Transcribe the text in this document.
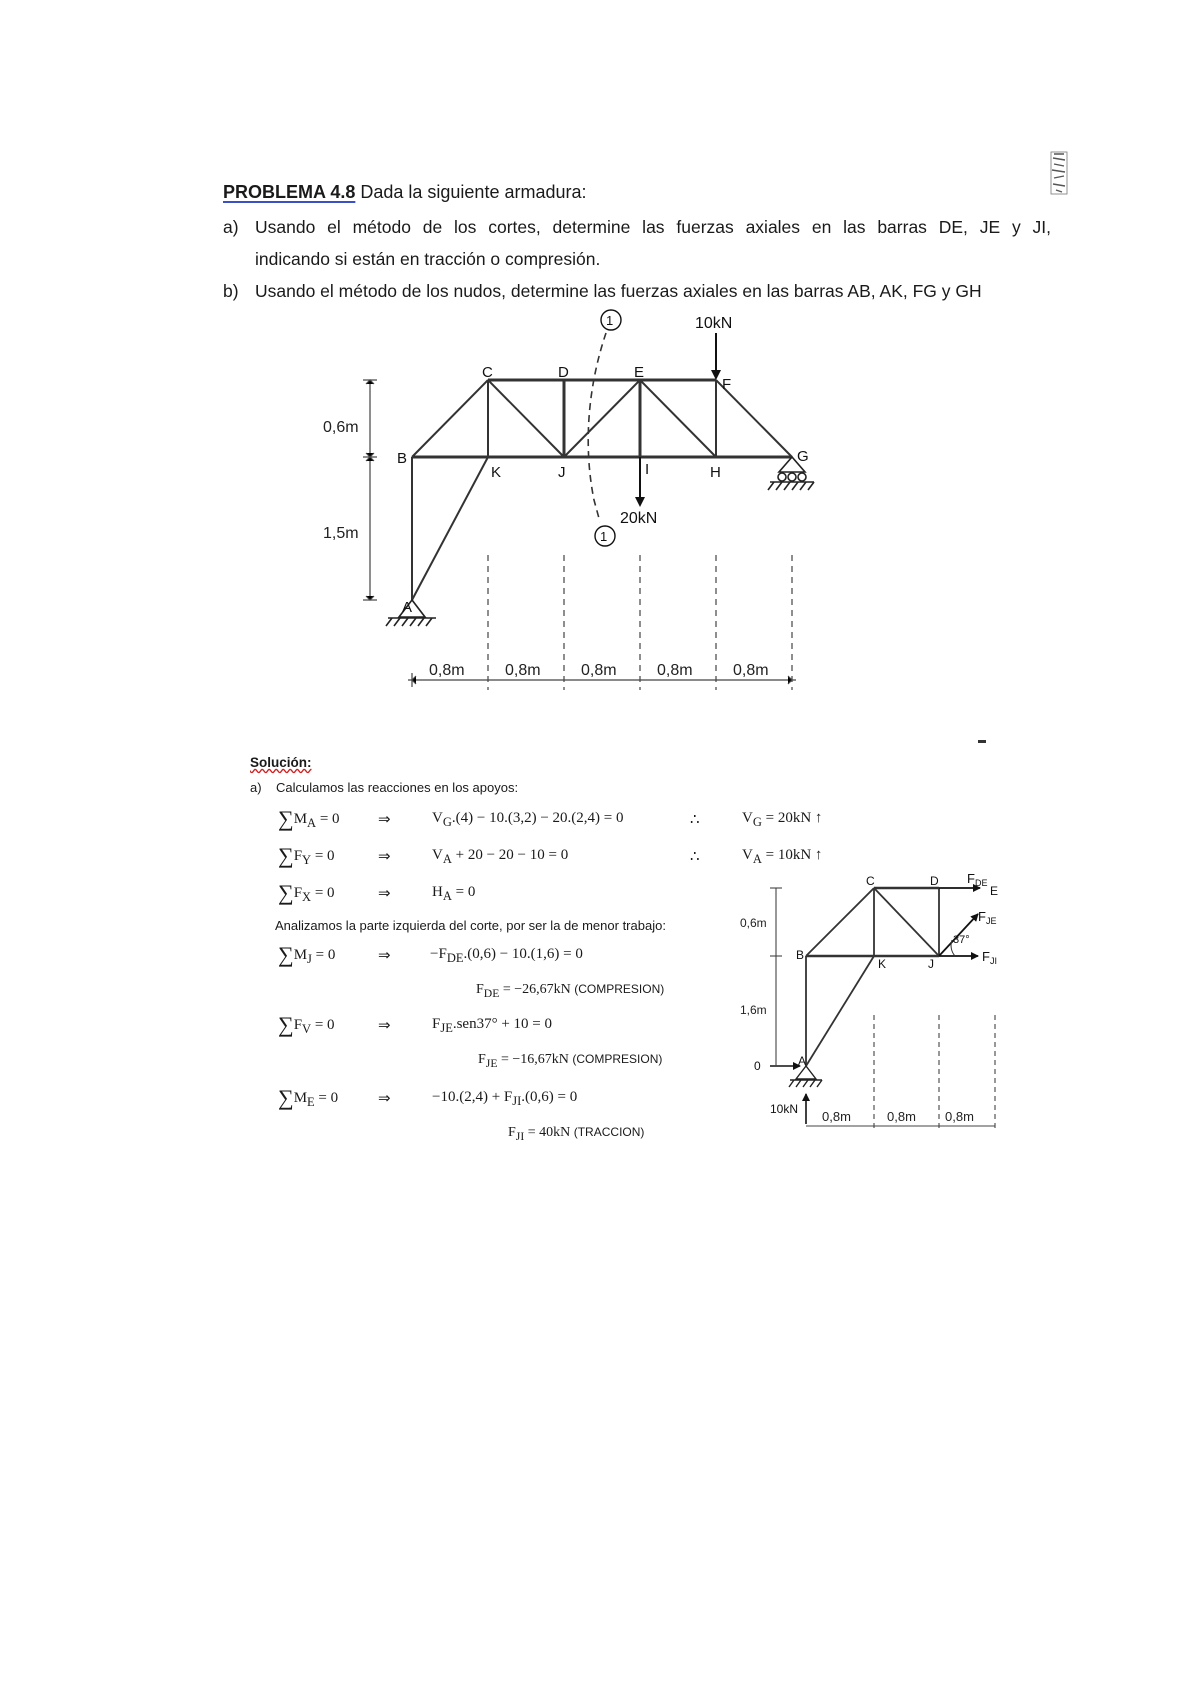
PROBLEMA 4.8 Dada la siguiente armadura:
a) Usando el método de los cortes, determine las fuerzas axiales en las barras DE, JE y JI,
indicando si están en tracción o compresión.
b) Usando el método de los nudos, determine las fuerzas axiales en las barras AB, AK, FG y GH
A
B
C	D	E
F
G
H
I
J
K
10kN
20kN
1
1
0,6m
1,5m
0,8m	0,8m	0,8m	0,8m	0,8m
Solución:
a) Calculamos las reacciones en los apoyos:
$\sum M_A = 0$	⇒	$V_G.(4) - 10.(3,2) - 20.(2,4) = 0$	∴	$V_G = 20kN$ ↑
$\sum F_Y = 0$	⇒	$V_A + 20 - 20 - 10 = 0$	∴	$V_A = 10kN$ ↑
$\sum F_X = 0$	⇒	$H_A = 0$
Analizamos la parte izquierda del corte, por ser la de menor trabajo:
$\sum M_J = 0$	⇒	$-F_{DE}.(0,6) - 10.(1,6) = 0$
$F_{DE} = -26,67kN$ (COMPRESION)
$\sum F_V = 0$	⇒	$F_{JE}.sen37^\circ + 10 = 0$
$F_{JE} = -16,67kN$ (COMPRESION)
$\sum M_E = 0$	⇒	$-10.(2,4) + F_{JI}.(0,6) = 0$
$F_{JI} = 40kN$ (TRACCION)
A
B
C	D
E
J
K
$F_{DE}$
$F_{JE}$
$F_{JI}$
37°
0
10kN
0,6m
1,6m
0,8m	0,8m 0,8m
